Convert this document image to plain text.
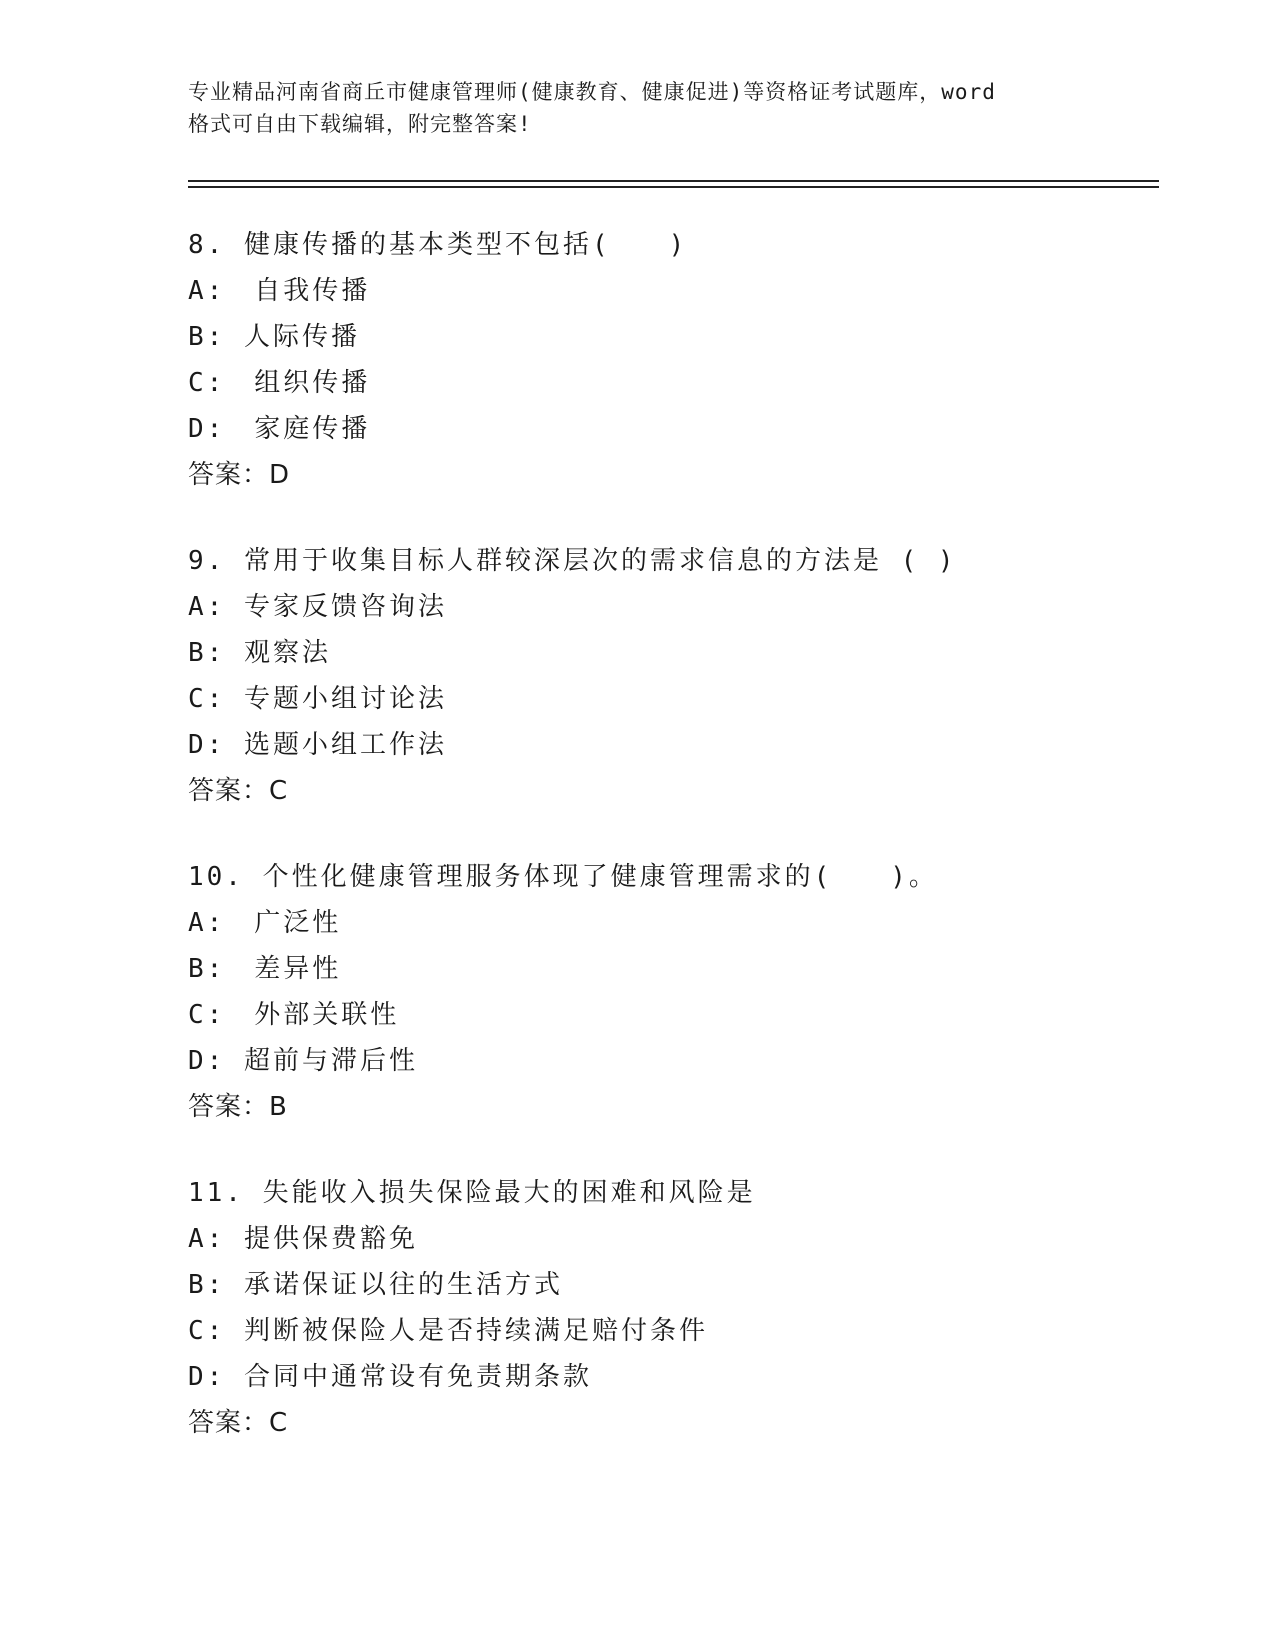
专业精品河南省商丘市健康管理师(健康教育、健康促进)等资格证考试题库，word
格式可自由下载编辑，附完整答案!
8. 健康传播的基本类型不包括(　　)
A:　自我传播
B: 人际传播
C:　组织传播
D:　家庭传播
答案：D
9. 常用于收集目标人群较深层次的需求信息的方法是 ( )
A: 专家反馈咨询法
B: 观察法
C: 专题小组讨论法
D: 选题小组工作法
答案：C
10. 个性化健康管理服务体现了健康管理需求的(　　)。
A:　广泛性
B:　差异性
C:　外部关联性
D: 超前与滞后性
答案：B
11. 失能收入损失保险最大的困难和风险是
A: 提供保费豁免
B: 承诺保证以往的生活方式
C: 判断被保险人是否持续满足赔付条件
D: 合同中通常设有免责期条款
答案：C
